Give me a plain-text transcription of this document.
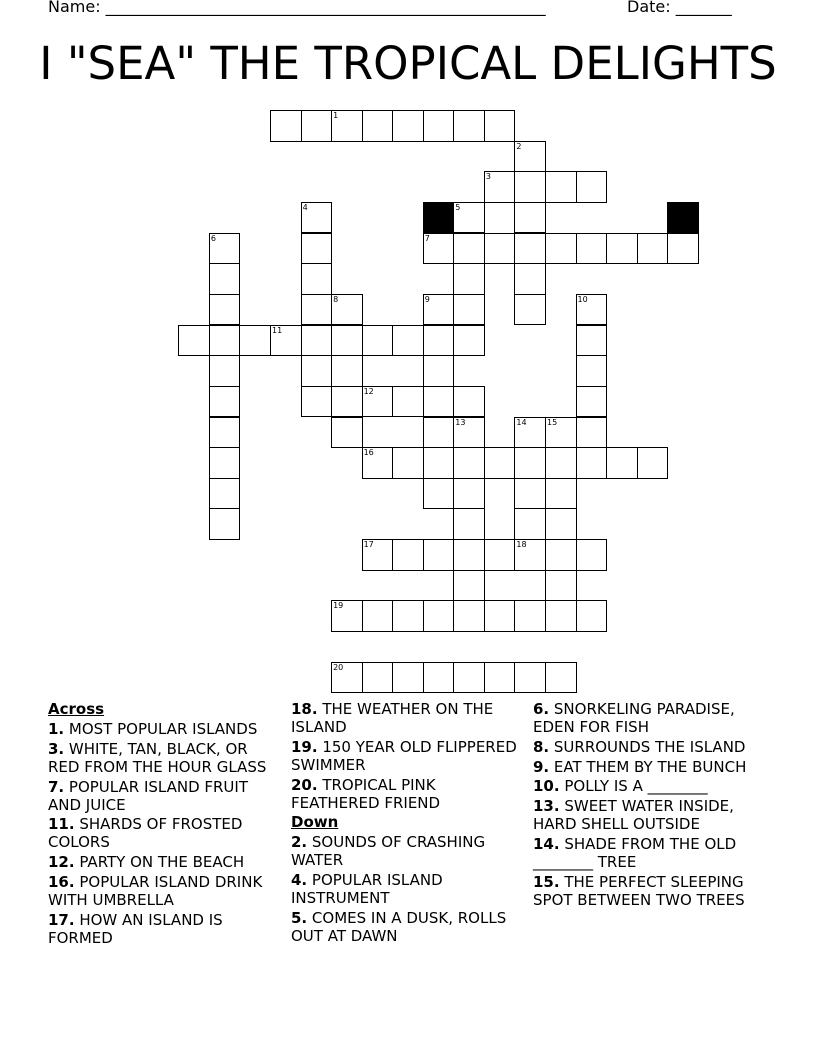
Name: _______________________________________________________	Date: _______
I "SEA" THE TROPICAL DELIGHTS
1
2
3
4	5
7
6
8	9	10
11
12
13	14	15
16
17	18
19
20
Across
1. MOST POPULAR ISLANDS
3. WHITE, TAN, BLACK, OR RED FROM THE HOUR GLASS
7. POPULAR ISLAND FRUIT AND JUICE
11. SHARDS OF FROSTED COLORS
12. PARTY ON THE BEACH
16. POPULAR ISLAND DRINK WITH UMBRELLA
17. HOW AN ISLAND IS FORMED
18. THE WEATHER ON THE ISLAND
19. 150 YEAR OLD FLIPPERED SWIMMER
20. TROPICAL PINK FEATHERED FRIEND
Down
2. SOUNDS OF CRASHING WATER
4. POPULAR ISLAND INSTRUMENT
5. COMES IN A DUSK, ROLLS OUT AT DAWN
6. SNORKELING PARADISE, EDEN FOR FISH
8. SURROUNDS THE ISLAND
9. EAT THEM BY THE BUNCH
10. POLLY IS A ________
13. SWEET WATER INSIDE, HARD SHELL OUTSIDE
14. SHADE FROM THE OLD ________ TREE
15. THE PERFECT SLEEPING SPOT BETWEEN TWO TREES
